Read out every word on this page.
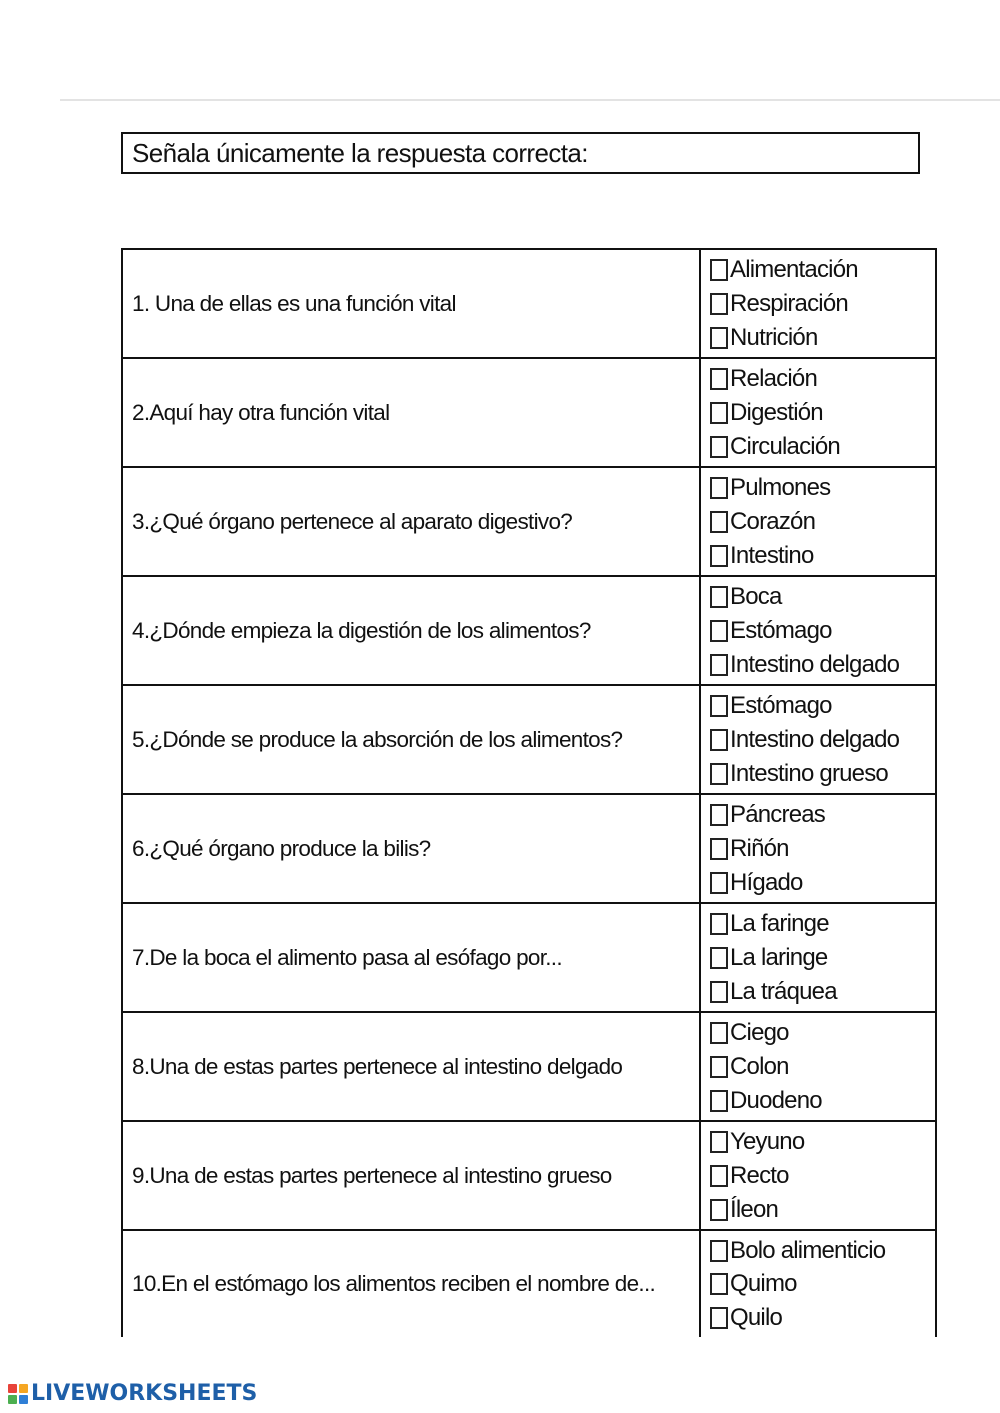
Señala únicamente la respuesta correcta:
1. Una de ellas es una función vital
Alimentación
Respiración
Nutrición
2.Aquí hay otra función vital
Relación
Digestión
Circulación
3.¿Qué órgano pertenece al aparato digestivo?
Pulmones
Corazón
Intestino
4.¿Dónde empieza la digestión de los alimentos?
Boca
Estómago
Intestino delgado
5.¿Dónde se produce la absorción de los alimentos?
Estómago
Intestino delgado
Intestino grueso
6.¿Qué órgano produce la bilis?
Páncreas
Riñón
Hígado
7.De la boca el alimento pasa al esófago por...
La faringe
La laringe
La tráquea
8.Una de estas partes pertenece al intestino delgado
Ciego
Colon
Duodeno
9.Una de estas partes pertenece al intestino grueso
Yeyuno
Recto
Íleon
10.En el estómago los alimentos reciben el nombre de...
Bolo alimenticio
Quimo
Quilo
LIVEWORKSHEETS
